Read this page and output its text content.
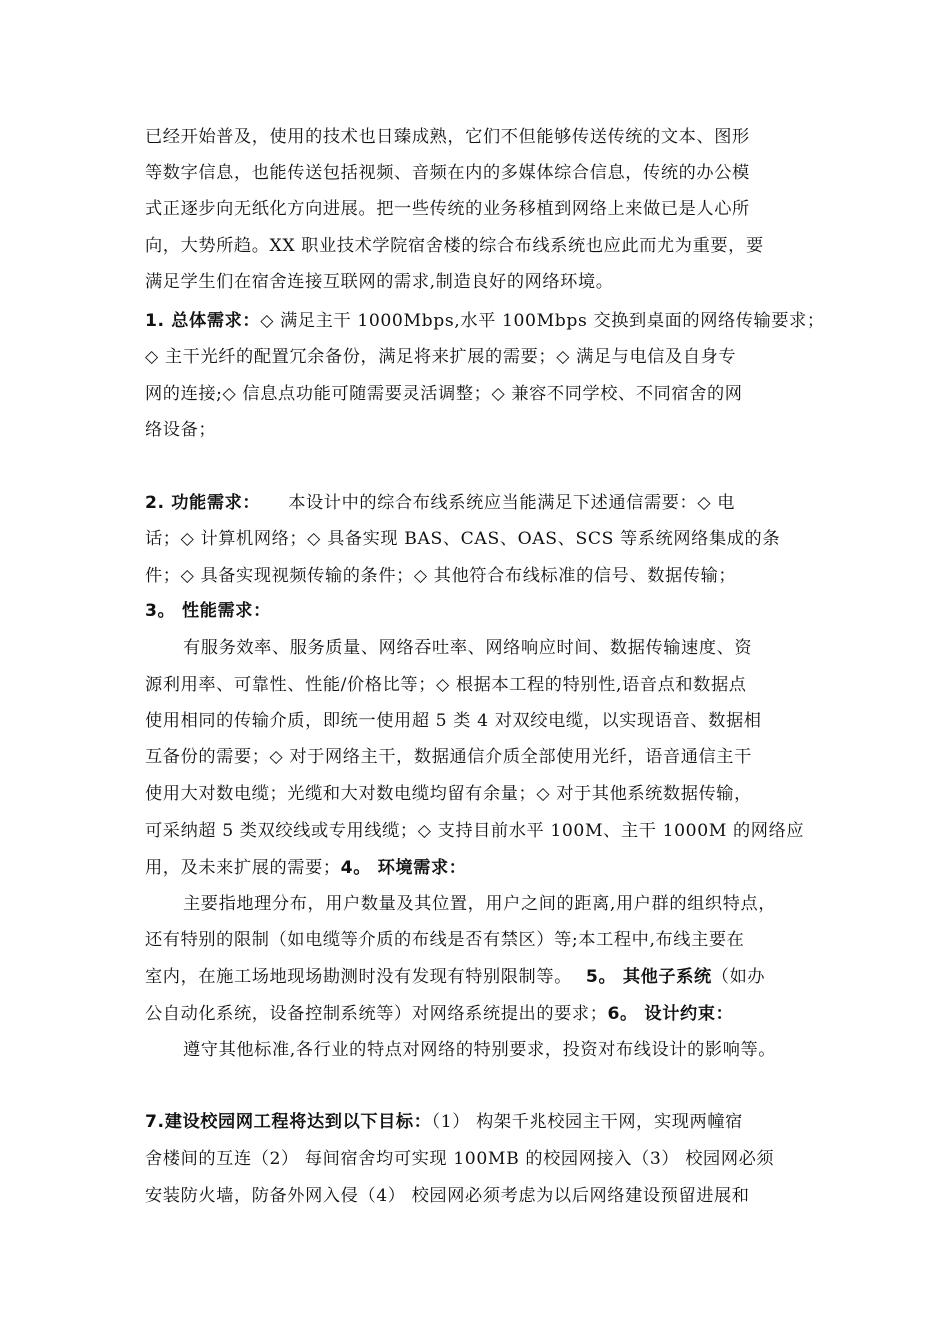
已经开始普及，使用的技术也日臻成熟，它们不但能够传送传统的文本、图形
等数字信息，也能传送包括视频、音频在内的多媒体综合信息，传统的办公模
式正逐步向无纸化方向进展。把一些传统的业务移植到网络上来做已是人心所
向，大势所趋。XX 职业技术学院宿舍楼的综合布线系统也应此而尤为重要，要
满足学生们在宿舍连接互联网的需求,制造良好的网络环境。
1. 总体需求：◇ 满足主干 1000Mbps,水平 100Mbps 交换到桌面的网络传输要求；
◇ 主干光纤的配置冗余备份，满足将来扩展的需要；◇ 满足与电信及自身专
网的连接;◇ 信息点功能可随需要灵活调整；◇ 兼容不同学校、不同宿舍的网
络设备；
2. 功能需求： 本设计中的综合布线系统应当能满足下述通信需要：◇ 电
话；◇ 计算机网络；◇ 具备实现 BAS、CAS、OAS、SCS 等系统网络集成的条
件；◇ 具备实现视频传输的条件；◇ 其他符合布线标准的信号、数据传输；
3。 性能需求：
有服务效率、服务质量、网络吞吐率、网络响应时间、数据传输速度、资
源利用率、可靠性、性能/价格比等；◇ 根据本工程的特别性,语音点和数据点
使用相同的传输介质，即统一使用超 5 类 4 对双绞电缆，以实现语音、数据相
互备份的需要；◇ 对于网络主干，数据通信介质全部使用光纤，语音通信主干
使用大对数电缆；光缆和大对数电缆均留有余量；◇ 对于其他系统数据传输，
可采纳超 5 类双绞线或专用线缆；◇ 支持目前水平 100M、主干 1000M 的网络应
用，及未来扩展的需要；4。 环境需求：
主要指地理分布，用户数量及其位置，用户之间的距离,用户群的组织特点，
还有特别的限制（如电缆等介质的布线是否有禁区）等;本工程中,布线主要在
室内，在施工场地现场勘测时没有发现有特别限制等。 5。 其他子系统（如办
公自动化系统，设备控制系统等）对网络系统提出的要求；6。 设计约束：
遵守其他标准,各行业的特点对网络的特别要求，投资对布线设计的影响等。
7.建设校园网工程将达到以下目标：（1） 构架千兆校园主干网，实现两幢宿
舍楼间的互连（2） 每间宿舍均可实现 100MB 的校园网接入（3） 校园网必须
安装防火墙，防备外网入侵（4） 校园网必须考虑为以后网络建设预留进展和
